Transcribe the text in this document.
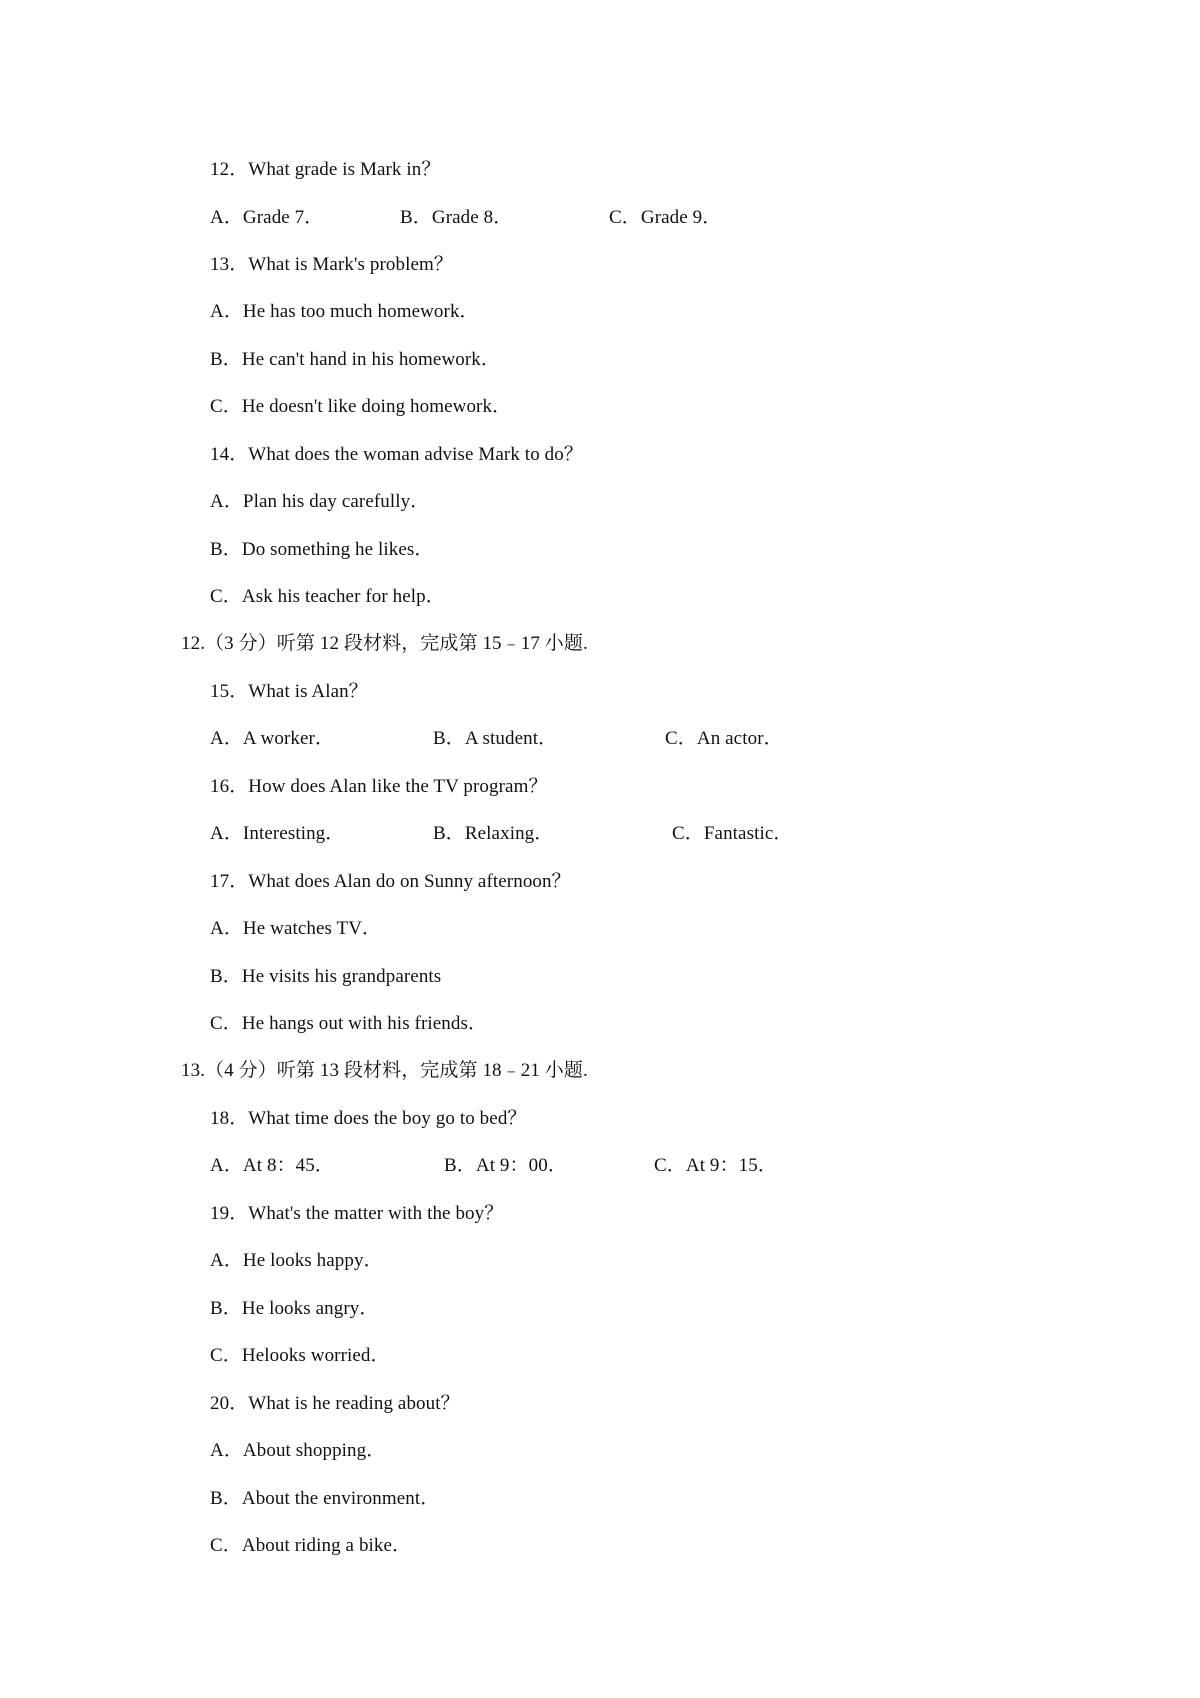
12．What grade is Mark in？
A．Grade 7．	B．Grade 8．	C．Grade 9．
13．What is Mark's problem？
A．He has too much homework．
B．He can't hand in his homework．
C．He doesn't like doing homework．
14．What does the woman advise Mark to do？
A．Plan his day carefully．
B．Do something he likes．
C．Ask his teacher for help．
12.（3 分）听第 12 段材料，完成第 15﹣17 小题.
15．What is Alan？
A．A worker．	B．A student．	C．An actor．
16．How does Alan like the TV program？
A．Interesting．	B．Relaxing．	C．Fantastic．
17．What does Alan do on Sunny afternoon？
A．He watches TV．
B．He visits his grandparents
C．He hangs out with his friends．
13.（4 分）听第 13 段材料，完成第 18﹣21 小题.
18．What time does the boy go to bed？
A．At 8：45．	B．At 9：00．	C．At 9：15．
19．What's the matter with the boy？
A．He looks happy．
B．He looks angry．
C．Helooks worried．
20．What is he reading about？
A．About shopping．
B．About the environment．
C．About riding a bike．
